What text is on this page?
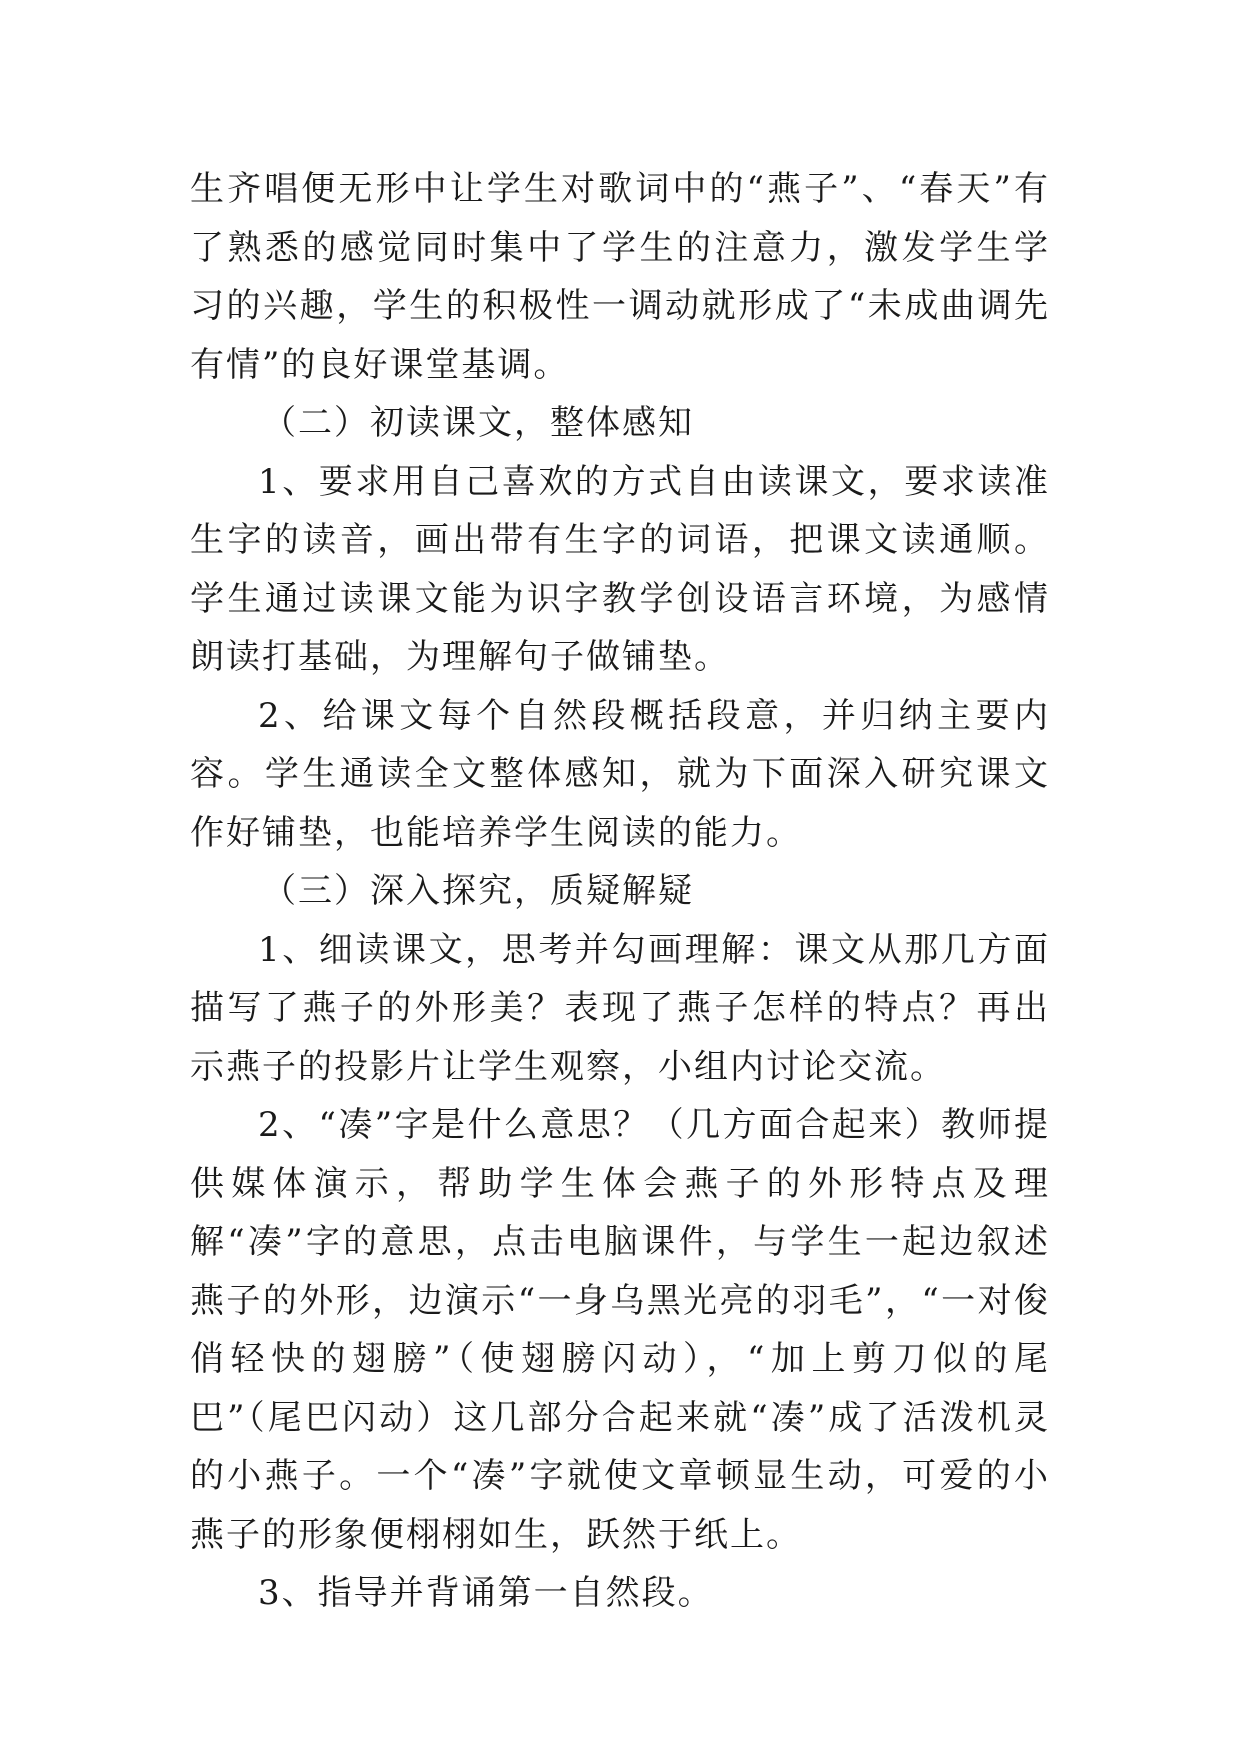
生齐唱便无形中让学生对歌词中的“燕子”、“春天”有了熟悉的感觉同时集中了学生的注意力，激发学生学习的兴趣，学生的积极性一调动就形成了“未成曲调先有情”的良好课堂基调。

（二）初读课文，整体感知

1、要求用自己喜欢的方式自由读课文，要求读准生字的读音，画出带有生字的词语，把课文读通顺。学生通过读课文能为识字教学创设语言环境，为感情朗读打基础，为理解句子做铺垫。

2、给课文每个自然段概括段意，并归纳主要内容。学生通读全文整体感知，就为下面深入研究课文作好铺垫，也能培养学生阅读的能力。

（三）深入探究，质疑解疑

1、细读课文，思考并勾画理解：课文从那几方面描写了燕子的外形美？表现了燕子怎样的特点？再出示燕子的投影片让学生观察，小组内讨论交流。

2、“凑”字是什么意思？（几方面合起来）教师提供媒体演示，帮助学生体会燕子的外形特点及理解“凑”字的意思，点击电脑课件，与学生一起边叙述燕子的外形，边演示“一身乌黑光亮的羽毛”，“一对俊俏轻快的翅膀”（使翅膀闪动），“加上剪刀似的尾巴”（尾巴闪动）这几部分合起来就“凑”成了活泼机灵的小燕子。一个“凑”字就使文章顿显生动，可爱的小燕子的形象便栩栩如生，跃然于纸上。

3、指导并背诵第一自然段。
